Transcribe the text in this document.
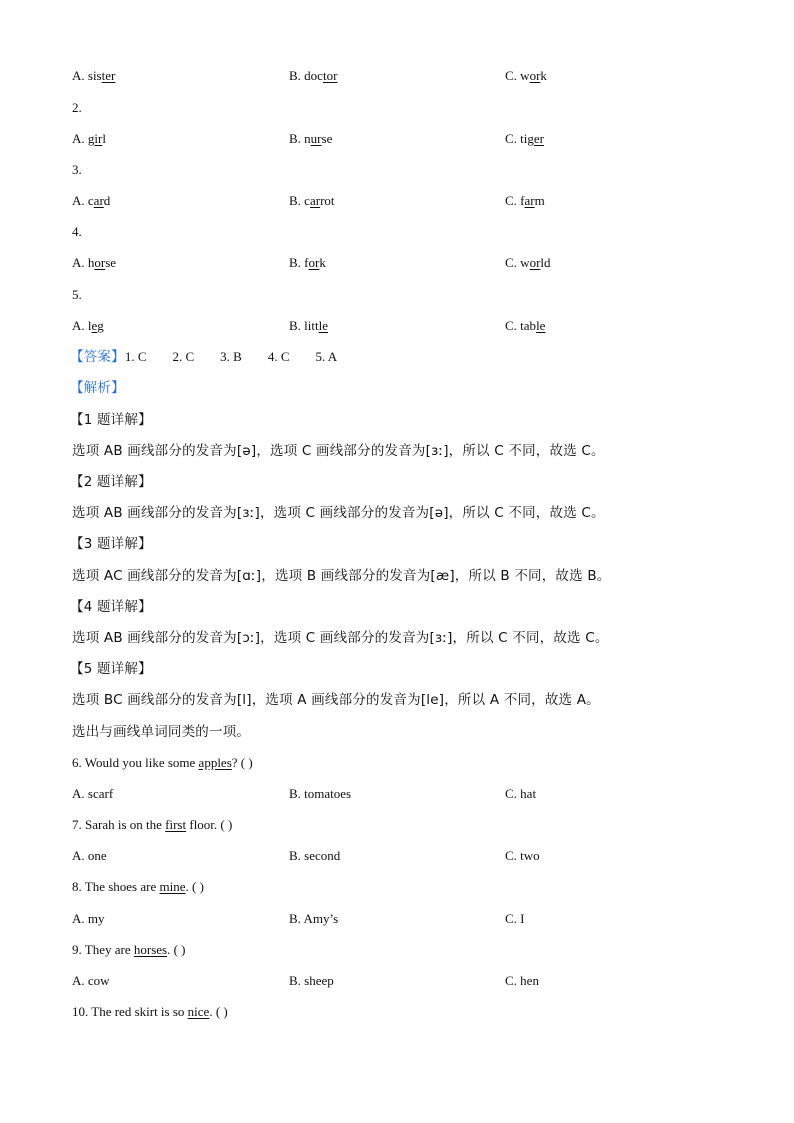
A. sister	B. doctor	C. work
2.
A. girl	B. nurse	C. tiger
3.
A. card	B. carrot	C. farm
4.
A. horse	B. fork	C. world
5.
A. leg	B. little	C. table
【答案】1. C 2. C 3. B 4. C 5. A
【解析】
【1 题详解】
选项 AB 画线部分的发音为[ə]，选项 C 画线部分的发音为[ɜː]，所以 C 不同，故选 C。
【2 题详解】
选项 AB 画线部分的发音为[ɜː]，选项 C 画线部分的发音为[ə]，所以 C 不同，故选 C。
【3 题详解】
选项 AC 画线部分的发音为[ɑː]，选项 B 画线部分的发音为[æ]，所以 B 不同，故选 B。
【4 题详解】
选项 AB 画线部分的发音为[ɔː]，选项 C 画线部分的发音为[ɜː]，所以 C 不同，故选 C。
【5 题详解】
选项 BC 画线部分的发音为[l]，选项 A 画线部分的发音为[le]，所以 A 不同，故选 A。
选出与画线单词同类的一项。
6. Would you like some apples? ( )
A. scarf	B. tomatoes	C. hat
7. Sarah is on the first floor. ( )
A. one	B. second	C. two
8. The shoes are mine. ( )
A. my	B. Amy’s	C. I
9. They are horses. ( )
A. cow	B. sheep	C. hen
10. The red skirt is so nice. ( )
